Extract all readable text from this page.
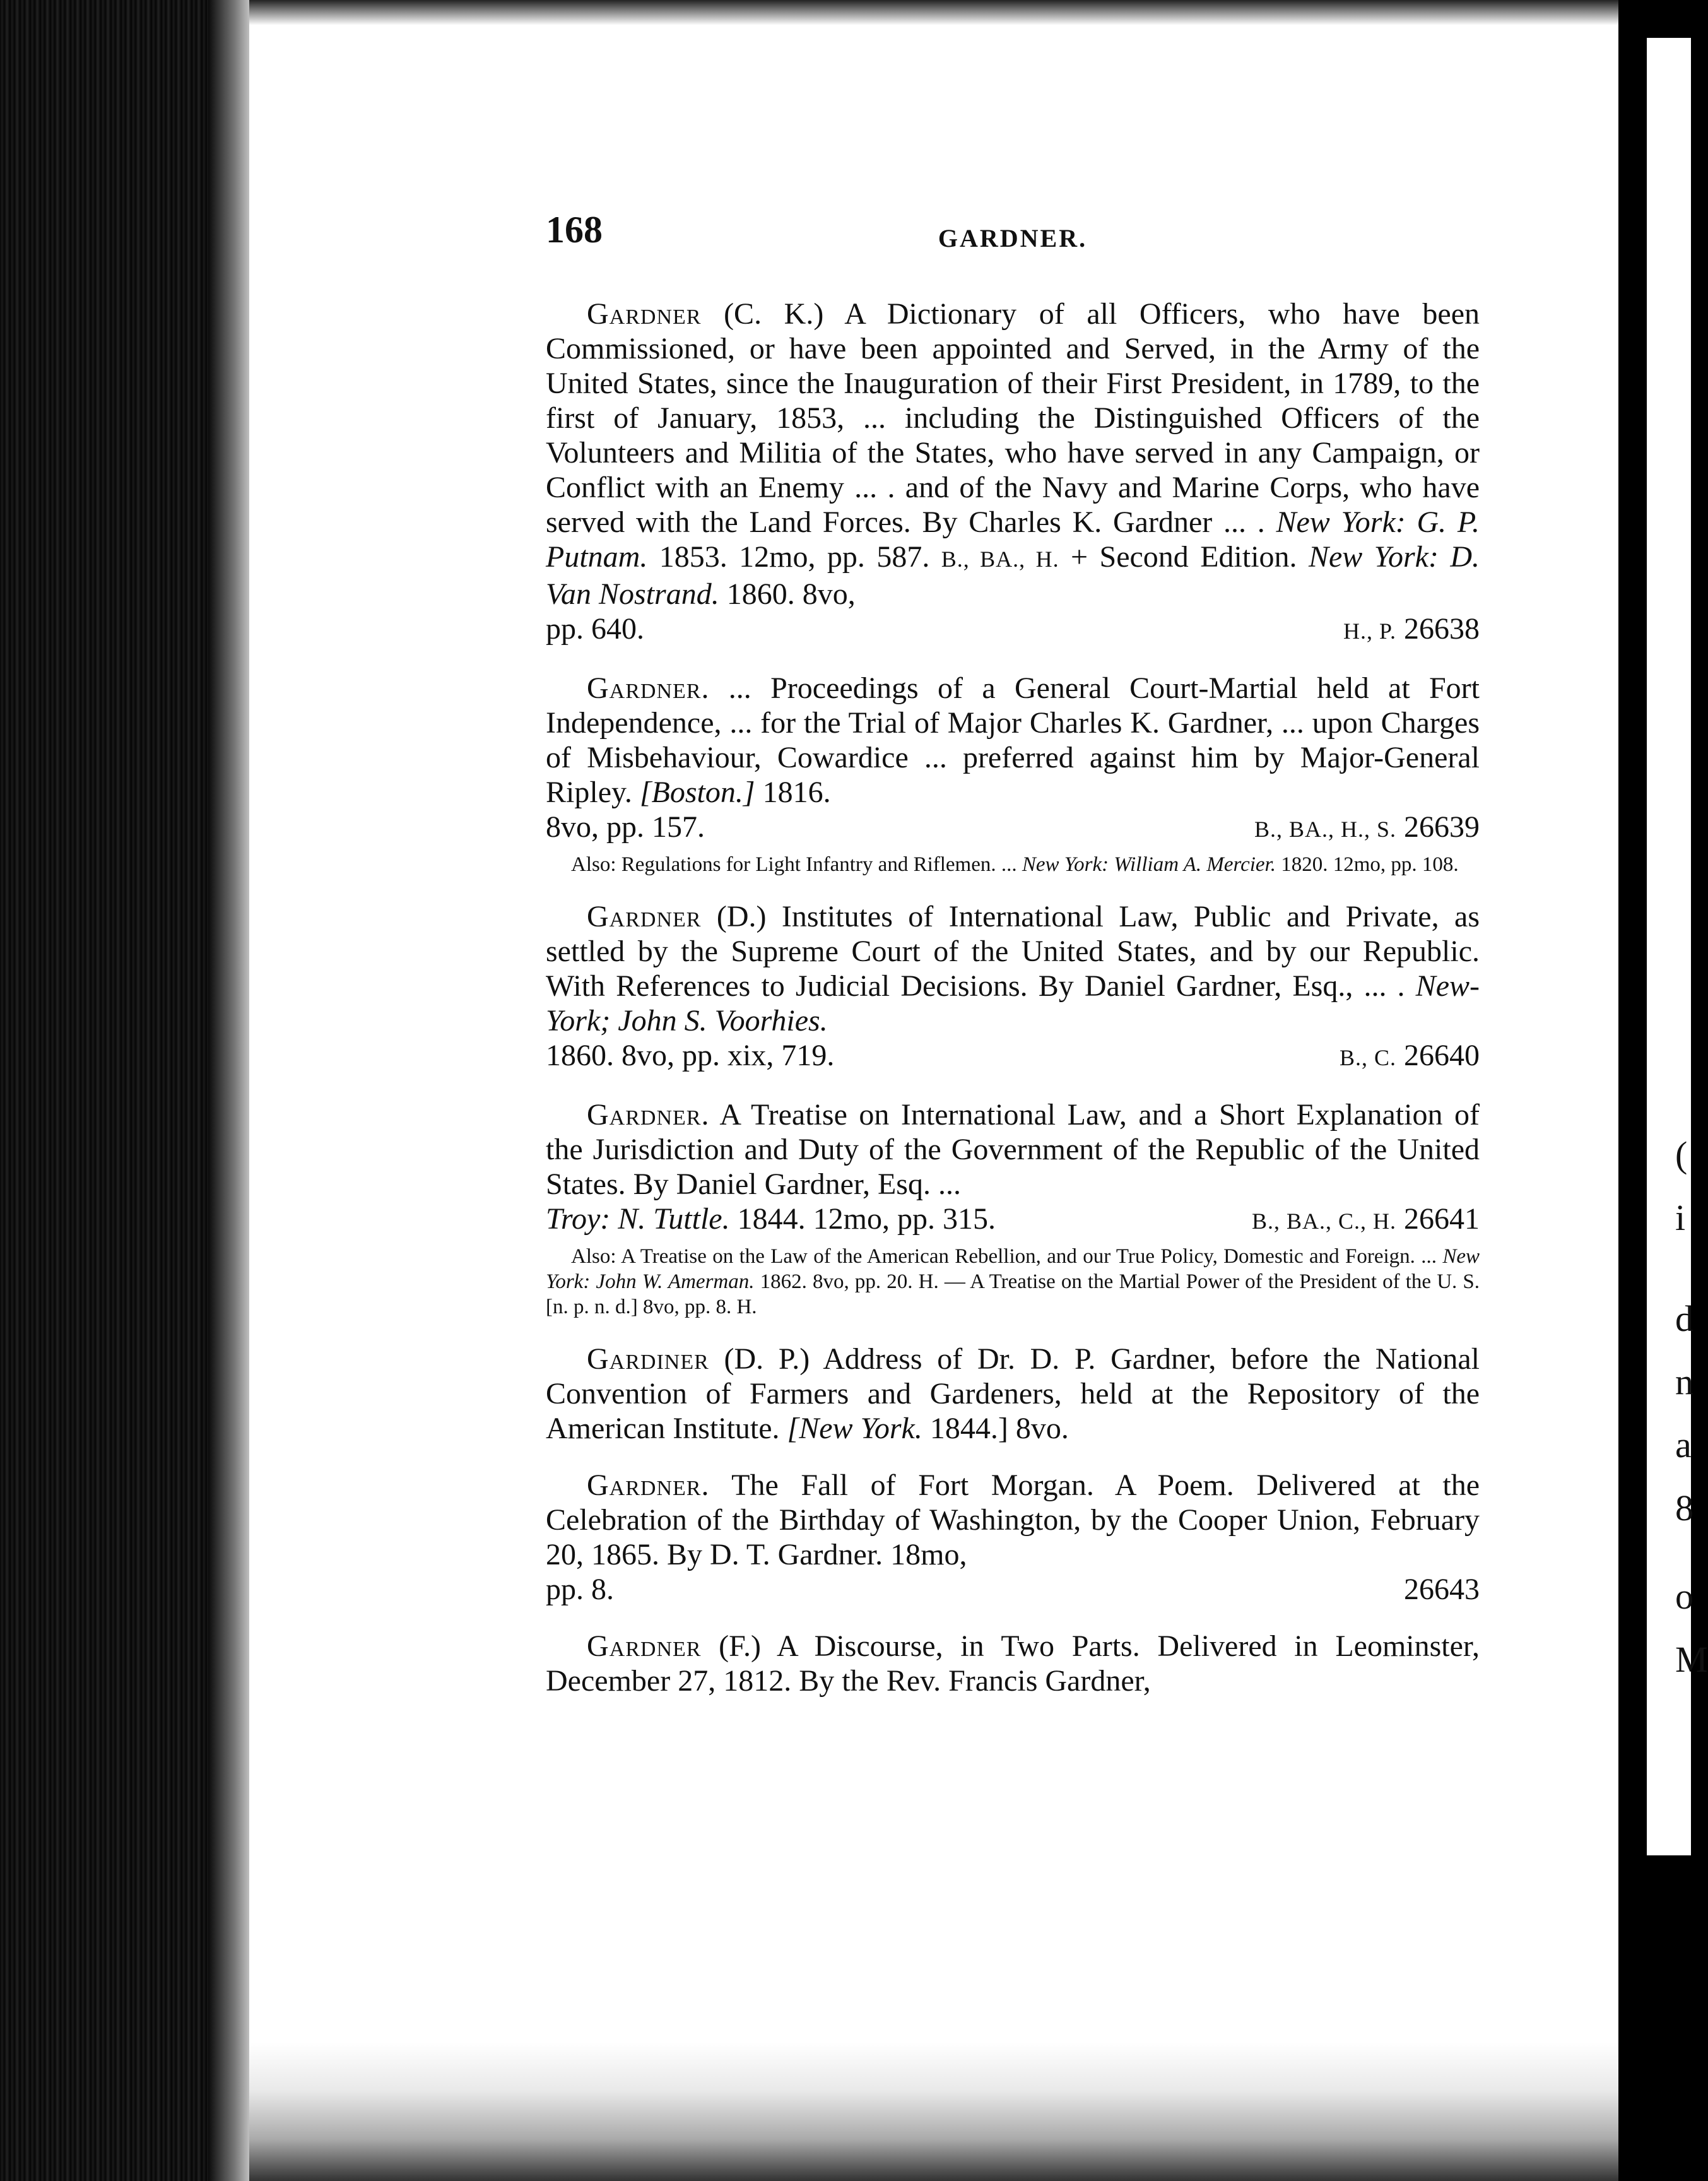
(
i
d
n
a
8
o
M
168	GARDNER.

Gardner (C. K.) A Dictionary of all Officers, who have been Commissioned, or have been appointed and Served, in the Army of the United States, since the Inauguration of their First President, in 1789, to the first of January, 1853, ... including the Distinguished Officers of the Volunteers and Militia of the States, who have served in any Campaign, or Conflict with an Enemy ... . and of the Navy and Marine Corps, who have served with the Land Forces. By Charles K. Gardner ... . New York: G. P. Putnam. 1853. 12mo, pp. 587. B., BA., H. + Second Edition. New York: D. Van Nostrand. 1860. 8vo,

pp. 640.	H., P. 26638

Gardner. ... Proceedings of a General Court-Martial held at Fort Independence, ... for the Trial of Major Charles K. Gardner, ... upon Charges of Misbehaviour, Cowardice ... preferred against him by Major-General Ripley. [Boston.] 1816.

8vo, pp. 157.	B., BA., H., S. 26639
Also: Regulations for Light Infantry and Riflemen. ... New York: William A. Mercier. 1820. 12mo, pp. 108.

Gardner (D.) Institutes of International Law, Public and Private, as settled by the Supreme Court of the United States, and by our Republic. With References to Judicial Decisions. By Daniel Gardner, Esq., ... . New-York; John S. Voorhies.

1860. 8vo, pp. xix, 719.	B., C. 26640

Gardner. A Treatise on International Law, and a Short Explanation of the Jurisdiction and Duty of the Government of the Republic of the United States. By Daniel Gardner, Esq. ...

Troy: N. Tuttle. 1844. 12mo, pp. 315.	B., BA., C., H. 26641
Also: A Treatise on the Law of the American Rebellion, and our True Policy, Domestic and Foreign. ... New York: John W. Amerman. 1862. 8vo, pp. 20. H. — A Treatise on the Martial Power of the President of the U. S. [n. p. n. d.] 8vo, pp. 8. H.

Gardiner (D. P.) Address of Dr. D. P. Gardner, before the National Convention of Farmers and Gardeners, held at the Repository of the American Institute. [New York. 1844.] 8vo.

Gardner. The Fall of Fort Morgan. A Poem. Delivered at the Celebration of the Birthday of Washington, by the Cooper Union, February 20, 1865. By D. T. Gardner. 18mo,

pp. 8.	26643

Gardner (F.) A Discourse, in Two Parts. Delivered in Leominster, December 27, 1812. By the Rev. Francis Gardner,
